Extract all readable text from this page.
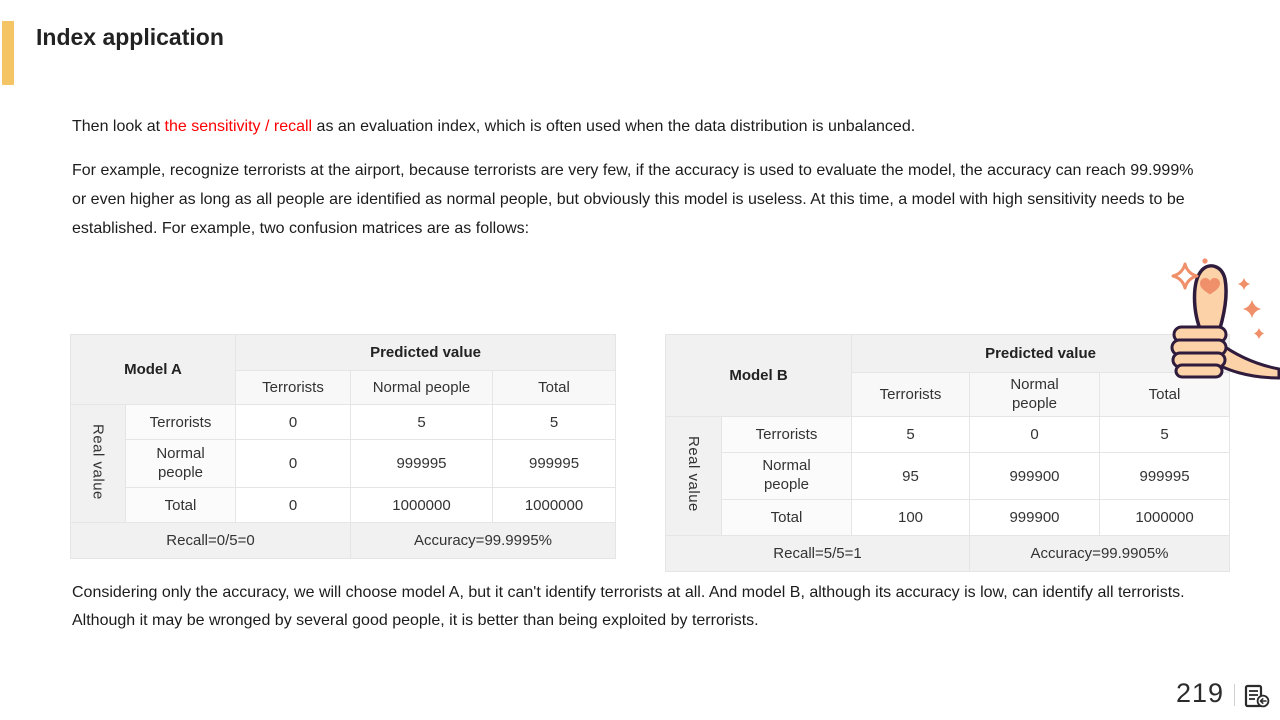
Index application

Then look at the sensitivity / recall as an evaluation index, which is often used when the data distribution is unbalanced.

For example, recognize terrorists at the airport, because terrorists are very few, if the accuracy is used to evaluate the model, the accuracy can reach 99.999% or even higher as long as all people are identified as normal people, but obviously this model is useless. At this time, a model with high sensitivity needs to be established. For example, two confusion matrices are as follows:

Model A		Predicted value		
		Terrorists	Normal people	Total
Real value	Terrorists	0	5	5
	Normal people	0	999995	999995
	Total	0	1000000	1000000
Recall=0/5=0			Accuracy=99.9995%	
Model B		Predicted value		
		Terrorists	Normal people	Total
Real value	Terrorists	5	0	5
	Normal people	95	999900	999995
	Total	100	999900	1000000
Recall=5/5=1			Accuracy=99.9905%	

Considering only the accuracy, we will choose model A, but it can't identify terrorists at all. And model B, although its accuracy is low, can identify all terrorists. Although it may be wronged by several good people, it is better than being exploited by terrorists.

219
